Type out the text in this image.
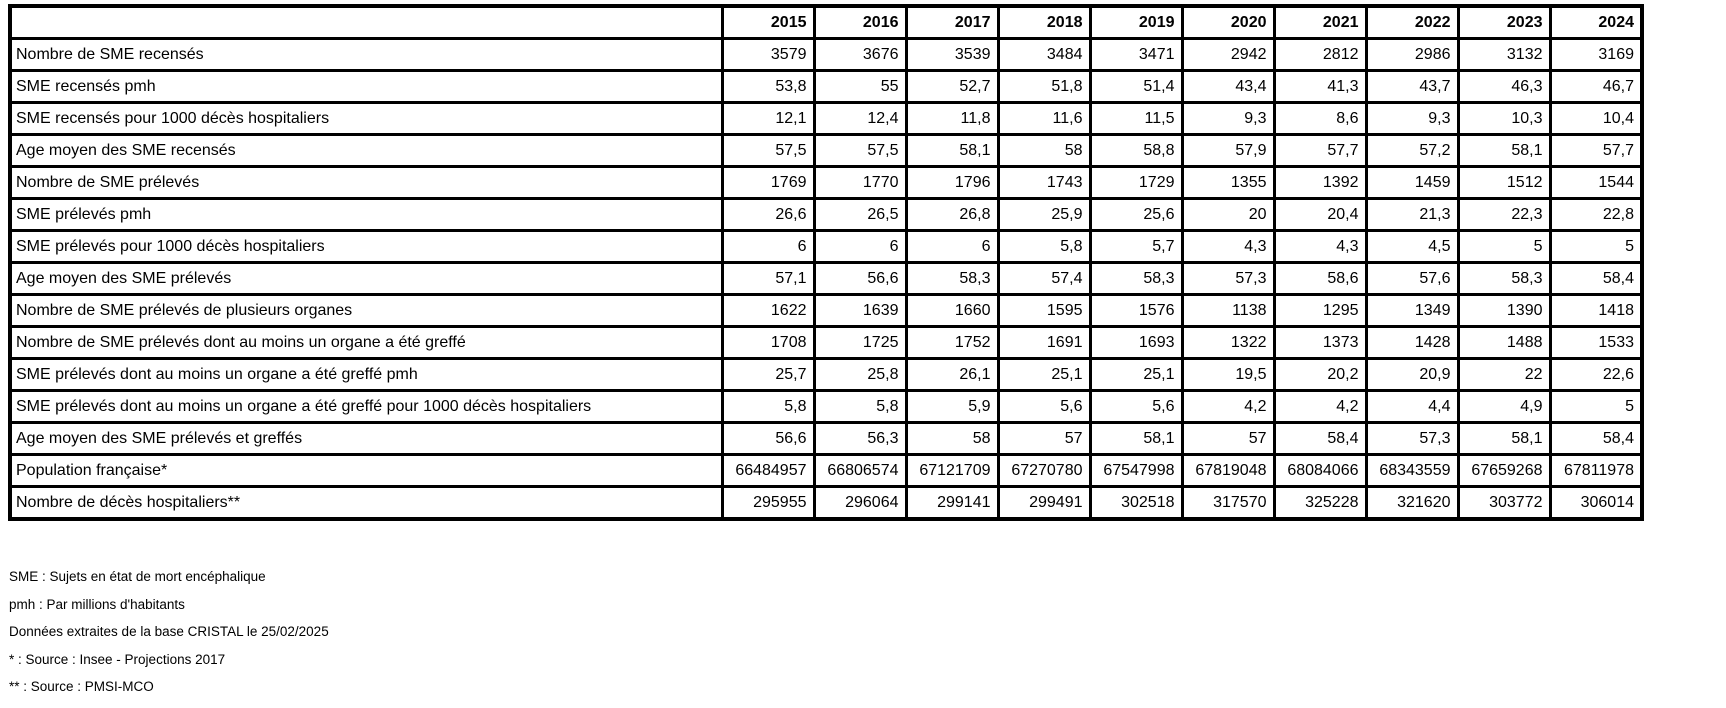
	2015	2016	2017	2018	2019	2020	2021	2022	2023	2024
Nombre de SME recensés	3579	3676	3539	3484	3471	2942	2812	2986	3132	3169
SME recensés pmh	53,8	55	52,7	51,8	51,4	43,4	41,3	43,7	46,3	46,7
SME recensés pour 1000 décès hospitaliers	12,1	12,4	11,8	11,6	11,5	9,3	8,6	9,3	10,3	10,4
Age moyen des SME recensés	57,5	57,5	58,1	58	58,8	57,9	57,7	57,2	58,1	57,7
Nombre de SME prélevés	1769	1770	1796	1743	1729	1355	1392	1459	1512	1544
SME prélevés pmh	26,6	26,5	26,8	25,9	25,6	20	20,4	21,3	22,3	22,8
SME prélevés pour 1000 décès hospitaliers	6	6	6	5,8	5,7	4,3	4,3	4,5	5	5
Age moyen des SME prélevés	57,1	56,6	58,3	57,4	58,3	57,3	58,6	57,6	58,3	58,4
Nombre de SME prélevés de plusieurs organes	1622	1639	1660	1595	1576	1138	1295	1349	1390	1418
Nombre de SME prélevés dont au moins un organe a été greffé	1708	1725	1752	1691	1693	1322	1373	1428	1488	1533
SME prélevés dont au moins un organe a été greffé pmh	25,7	25,8	26,1	25,1	25,1	19,5	20,2	20,9	22	22,6
SME prélevés dont au moins un organe a été greffé pour 1000 décès hospitaliers	5,8	5,8	5,9	5,6	5,6	4,2	4,2	4,4	4,9	5
Age moyen des SME prélevés et greffés	56,6	56,3	58	57	58,1	57	58,4	57,3	58,1	58,4
Population française*	66484957	66806574	67121709	67270780	67547998	67819048	68084066	68343559	67659268	67811978
Nombre de décès hospitaliers**	295955	296064	299141	299491	302518	317570	325228	321620	303772	306014

SME : Sujets en état de mort encéphalique

pmh : Par millions d'habitants

Données extraites de la base CRISTAL le 25/02/2025

* : Source : Insee - Projections 2017

** : Source : PMSI-MCO
